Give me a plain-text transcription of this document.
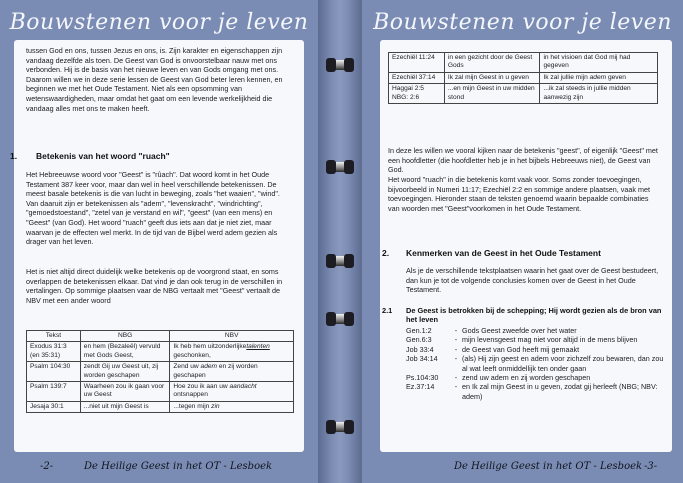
Bouwstenen voor je leven
tussen God en ons, tussen Jezus en ons, is. Zijn karakter en eigenschappen zijn vandaag dezelfde als toen. De Geest van God is onvoorstelbaar nauw met ons verbonden. Hij is de basis van het nieuwe leven en van Gods omgang met ons. Daarom willen we in deze serie lessen de Geest van God beter leren kennen, en beginnen we met het Oude Testament. Niet als een opsomming van wetenswaardigheden, maar omdat het gaat om een levende werkelijkheid die vandaag alles met ons te maken heeft.
1. Betekenis van het woord "ruach"
Het Hebreeuwse woord voor "Geest" is "rûach". Dat woord komt in het Oude Testament 387 keer voor, maar dan wel in heel verschillende betekenissen. De meest basale betekenis is die van lucht in beweging, zoals "het waaien", "wind". Van daaruit zijn er betekenissen als "adem", "levenskracht", "windrichting", "gemoedstoestand", "zetel van je verstand en wil", "geest" (van een mens) en "Geest" (van God). Het woord "ruach" geeft dus iets aan dat je niet ziet, maar waarvan je de effecten wel merkt. In de tijd van de Bijbel werd adem gezien als drager van het leven.
Het is niet altijd direct duidelijk welke betekenis op de voorgrond staat, en soms overlappen de betekenissen elkaar. Dat vind je dan ook terug in de verschillen in vertalingen. Op sommige plaatsen vaar de NBG vertaalt met "Geest" vertaalt de NBV met een ander woord
Tekst	NBG	NBV
Exodus 31:3 (en 35:31)	en hem (Bezaleël) vervuld met Gods Geest,	Ik heb hem uitzonderlijketalenten geschonken,
Psalm 104:30	zendt Gij uw Geest uit, zij worden geschapen	Zend uw adem en zij worden geschapen
Psalm 139:7	Waarheen zou ik gaan voor uw Geest	Hoe zou ik aan uw aandacht ontsnappen
Jesaja 30:1	...niet uit mijn Geest is	...tegen mijn zin
-2-	De Heilige Geest in het OT - Lesboek
Bouwstenen voor je leven
Ezechiël 11:24	in een gezicht door de Geest Gods	in het visioen dat God mij had gegeven
Ezechiël 37:14	Ik zal mijn Geest in u geven	Ik zal jullie mijn adem geven
Haggai 2:5 NBG: 2:6	...en mijn Geest in uw midden stond	...ik zal steeds in jullie midden aanwezig zijn
In deze les willen we vooral kijken naar de betekenis "geest", of eigenlijk "Geest" met een hoofdletter (die hoofdletter heb je in het bijbels Hebreeuws niet), de Geest van God.
Het woord "ruach" in die betekenis komt vaak voor. Soms zonder toevoegingen, bijvoorbeeld in Numeri 11:17; Ezechiël 2:2 en sommige andere plaatsen, vaak met toevoegingen. Hieronder staan de teksten genoemd waarin bepaalde combinaties van woorden met "Geest"voorkomen in het Oude Testament.
2. Kenmerken van de Geest in het Oude Testament
Als je de verschillende tekstplaatsen waarin het gaat over de Geest bestudeert, dan kun je tot de volgende conclusies komen over de Geest in het Oude Testament.
2.1 De Geest is betrokken bij de schepping; Hij wordt gezien als de bron van het leven
Gen.1:2	- Gods Geest zweefde over het water
Gen.6:3	- mijn levensgeest mag niet voor altijd in de mens blijven
Job 33:4	- de Geest van God heeft mij gemaakt
Job 34:14	- (als) Hij zijn geest en adem voor zichzelf zou bewaren, dan zou al wat leeft onmiddellijk ten onder gaan
Ps.104:30	- zend uw adem en zij worden geschapen
Ez.37:14	- en Ik zal mijn Geest in u geven, zodat gij herleeft (NBG; NBV: adem)
De Heilige Geest in het OT - Lesboek -3-
